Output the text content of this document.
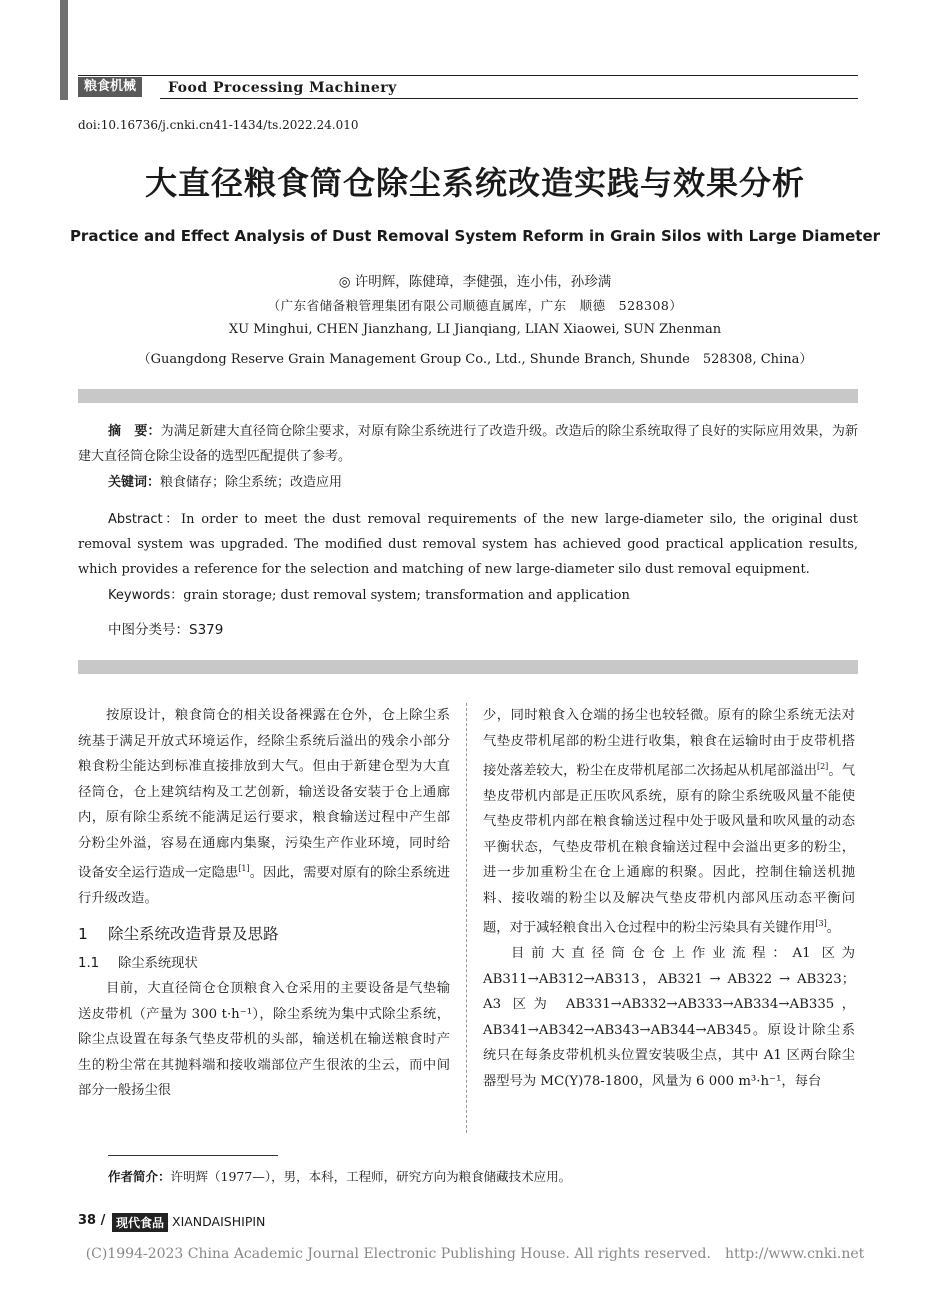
粮食机械	Food Processing Machinery
doi:10.16736/j.cnki.cn41-1434/ts.2022.24.010
大直径粮食筒仓除尘系统改造实践与效果分析
Practice and Effect Analysis of Dust Removal System Reform in Grain Silos with Large Diameter
◎ 许明辉，陈健璋，李健强，连小伟，孙珍满
（广东省储备粮管理集团有限公司顺德直属库，广东　顺德　528308）
XU Minghui, CHEN Jianzhang, LI Jianqiang, LIAN Xiaowei, SUN Zhenman
（Guangdong Reserve Grain Management Group Co., Ltd., Shunde Branch, Shunde　528308, China）
摘　要：为满足新建大直径筒仓除尘要求，对原有除尘系统进行了改造升级。改造后的除尘系统取得了良好的实际应用效果，为新建大直径筒仓除尘设备的选型匹配提供了参考。
关键词：粮食储存；除尘系统；改造应用
Abstract：In order to meet the dust removal requirements of the new large-diameter silo, the original dust removal system was upgraded. The modified dust removal system has achieved good practical application results, which provides a reference for the selection and matching of new large-diameter silo dust removal equipment.
Keywords：grain storage; dust removal system; transformation and application
中图分类号：S379

按原设计，粮食筒仓的相关设备裸露在仓外，仓上除尘系统基于满足开放式环境运作，经除尘系统后溢出的残余小部分粮食粉尘能达到标准直接排放到大气。但由于新建仓型为大直径筒仓，仓上建筑结构及工艺创新，输送设备安装于仓上通廊内，原有除尘系统不能满足运行要求，粮食输送过程中产生部分粉尘外溢，容易在通廊内集聚，污染生产作业环境，同时给设备安全运行造成一定隐患[1]。因此，需要对原有的除尘系统进行升级改造。

1 除尘系统改造背景及思路

1.1 除尘系统现状

目前，大直径筒仓仓顶粮食入仓采用的主要设备是气垫输送皮带机（产量为 300 t·h⁻¹），除尘系统为集中式除尘系统，除尘点设置在每条气垫皮带机的头部，输送机在输送粮食时产生的粉尘常在其抛料端和接收端部位产生很浓的尘云，而中间部分一般扬尘很

少，同时粮食入仓端的扬尘也较轻微。原有的除尘系统无法对气垫皮带机尾部的粉尘进行收集，粮食在运输时由于皮带机搭接处落差较大，粉尘在皮带机尾部二次扬起从机尾部溢出[2]。气垫皮带机内部是正压吹风系统，原有的除尘系统吸风量不能使气垫皮带机内部在粮食输送过程中处于吸风量和吹风量的动态平衡状态，气垫皮带机在粮食输送过程中会溢出更多的粉尘，进一步加重粉尘在仓上通廊的积聚。因此，控制住输送机抛料、接收端的粉尘以及解决气垫皮带机内部风压动态平衡问题，对于减轻粮食出入仓过程中的粉尘污染具有关键作用[3]。

目前大直径筒仓仓上作业流程：A1 区为 AB311→AB312→AB313，AB321 → AB322 → AB323；A3 区为 AB331→AB332→AB333→AB334→AB335，AB341→AB342→AB343→AB344→AB345。原设计除尘系统只在每条皮带机机头位置安装吸尘点，其中 A1 区两台除尘器型号为 MC(Y)78-1800，风量为 6 000 m³·h⁻¹，每台

作者简介：许明辉（1977—），男，本科，工程师，研究方向为粮食储藏技术应用。
38 / 现代食品 XIANDAISHIPIN
(C)1994-2023 China Academic Journal Electronic Publishing House. All rights reserved.　http://www.cnki.net
